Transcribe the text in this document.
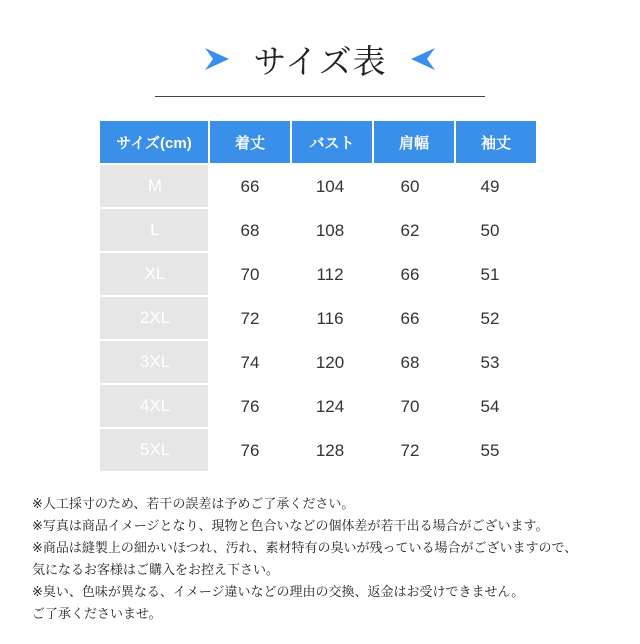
サイズ表
サイズ(cm)	着丈	バスト	肩幅	袖丈
M	66	104	60	49
L	68	108	62	50
XL	70	112	66	51
2XL	72	116	66	52
3XL	74	120	68	53
4XL	76	124	70	54
5XL	76	128	72	55
※人工採寸のため、若干の誤差は予めご了承ください。
※写真は商品イメージとなり、現物と色合いなどの個体差が若干出る場合がございます。
※商品は縫製上の細かいほつれ、汚れ、素材特有の臭いが残っている場合がございますので、
気になるお客様はご購入をお控え下さい。
※臭い、色味が異なる、イメージ違いなどの理由の交換、返金はお受けできません。
ご了承くださいませ。
